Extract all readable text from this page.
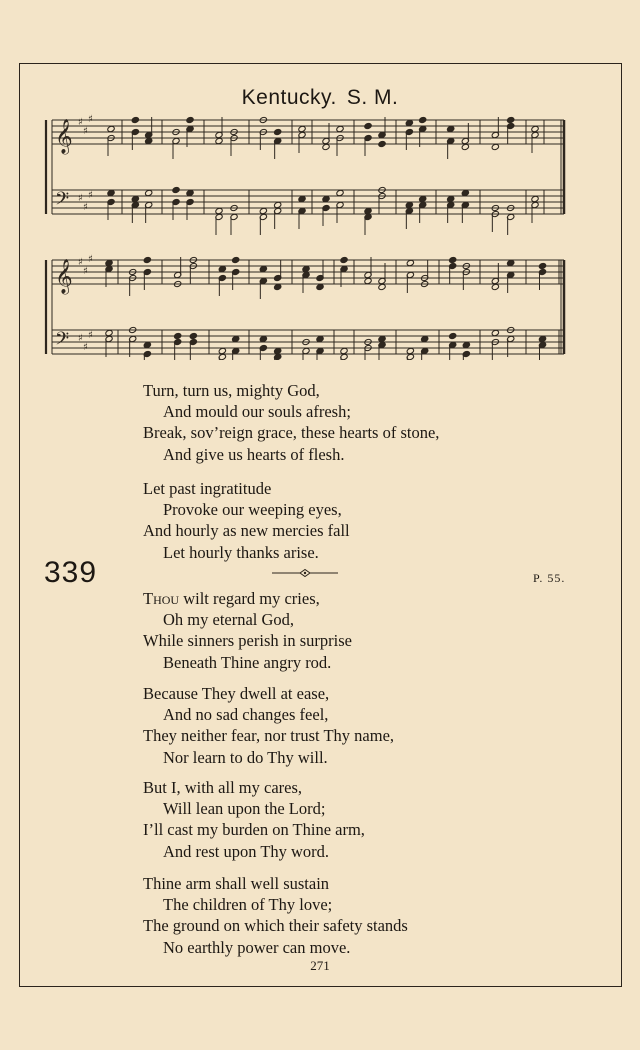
Kentucky. S. M.
𝄞 ♯
♯
♯
𝄢 ♯
♯
♯
𝄞 ♯
♯
♯
𝄢 ♯
♯
♯
Turn, turn us, mighty God,
And mould our souls afresh;
Break, sov’reign grace, these hearts of stone,
And give us hearts of flesh.
Let past ingratitude
Provoke our weeping eyes,
And hourly as new mercies fall
Let hourly thanks arise.
339	P. 55.
Thou wilt regard my cries,
Oh my eternal God,
While sinners perish in surprise
Beneath Thine angry rod.
Because They dwell at ease,
And no sad changes feel,
They neither fear, nor trust Thy name,
Nor learn to do Thy will.
But I, with all my cares,
Will lean upon the Lord;
I’ll cast my burden on Thine arm,
And rest upon Thy word.
Thine arm shall well sustain
The children of Thy love;
The ground on which their safety stands
No earthly power can move.
271
